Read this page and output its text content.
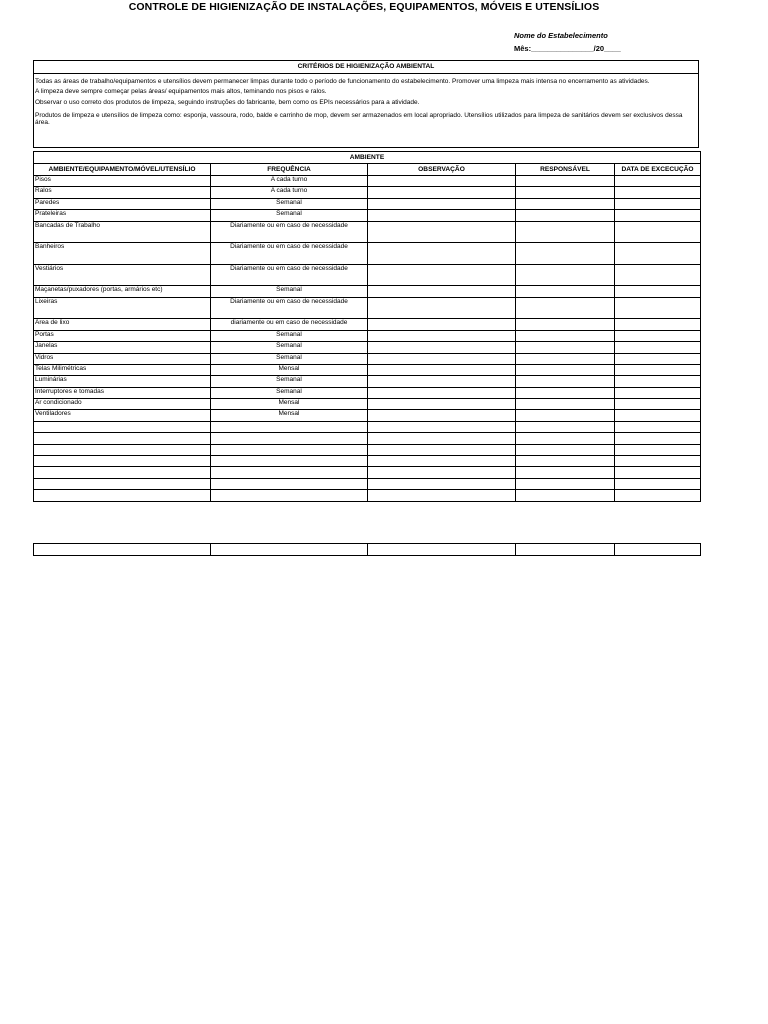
CONTROLE DE HIGIENIZAÇÃO DE INSTALAÇÕES, EQUIPAMENTOS, MÓVEIS E UTENSÍLIOS
Nome do Estabelecimento
Mês:_______________/20____
CRITÉRIOS DE HIGIENIZAÇÃO AMBIENTAL

Todas as áreas de trabalho/equipamentos e utensílios devem permanecer limpas durante todo o período de funcionamento do estabelecimento. Promover uma limpeza mais intensa no encerramento as atividades.

A limpeza deve sempre começar pelas áreas/ equipamentos mais altos, teminando nos pisos e ralos.

Observar o uso correto dos produtos de limpeza, seguindo instruções do fabricante, bem como os EPIs necessários para a atividade.

Produtos de limpeza e utensílios de limpeza como: esponja, vassoura, rodo, balde e carrinho de mop, devem ser armazenados em local apropriado. Utensílios utilizados para limpeza de sanitários devem ser exclusivos dessa área.

AMBIENTE				
AMBIENTE/EQUIPAMENTO/MÓVEL/UTENSÍLIO	FREQUÊNCIA	OBSERVAÇÃO	RESPONSÁVEL	DATA DE EXCECUÇÃO
Pisos	A cada turno			
Ralos	A cada turno			
Paredes	Semanal			
Prateleiras	Semanal			
Bancadas de Trabalho	Diariamente ou em caso de necessidade			
Banheiros	Diariamente ou em caso de necessidade			
Vestiários	Diariamente ou em caso de necessidade			
Maçanetas/puxadores (portas, armários etc)	Semanal			
Lixeiras	Diariamente ou em caso de necessidade			
Área de lixo	diariamente ou em caso de necessidade			
Portas	Semanal			
Janelas	Semanal			
Vidros	Semanal			
Telas Milimétricas	Mensal			
Luminárias	Semanal			
Interruptores e tomadas	Semanal			
Ar condicionado	Mensal			
Ventiladores	Mensal			
